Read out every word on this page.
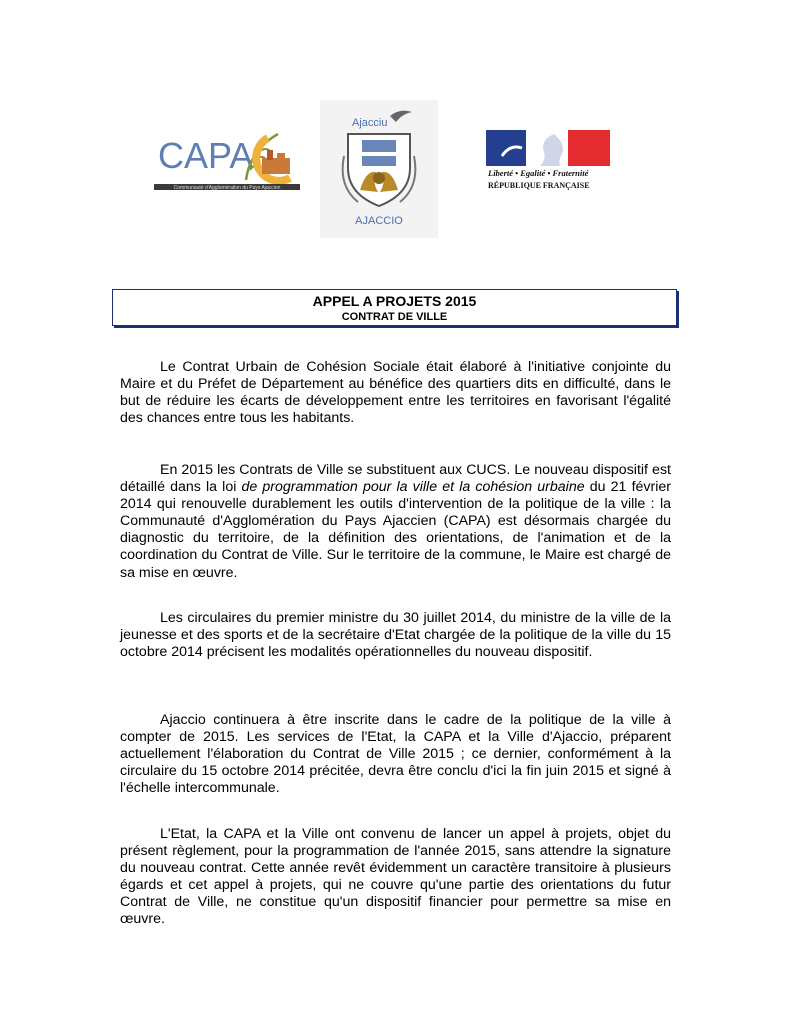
CAPA
Communauté d'Agglomération du Pays Ajaccien
Ajacciu
AJACCIO
Liberté • Egalité • Fraternité
RÉPUBLIQUE FRANÇAISE
APPEL A PROJETS 2015
CONTRAT DE VILLE

Le Contrat Urbain de Cohésion Sociale était élaboré à l'initiative conjointe du Maire et du Préfet de Département au bénéfice des quartiers dits en difficulté, dans le but de réduire les écarts de développement entre les territoires en favorisant l'égalité des chances entre tous les habitants.

En 2015 les Contrats de Ville se substituent aux CUCS. Le nouveau dispositif est détaillé dans la loi de programmation pour la ville et la cohésion urbaine du 21 février 2014 qui renouvelle durablement les outils d'intervention de la politique de la ville : la Communauté d'Agglomération du Pays Ajaccien (CAPA) est désormais chargée du diagnostic du territoire, de la définition des orientations, de l'animation et de la coordination du Contrat de Ville. Sur le territoire de la commune, le Maire est chargé de sa mise en œuvre.

Les circulaires du premier ministre du 30 juillet 2014, du ministre de la ville de la jeunesse et des sports et de la secrétaire d'Etat chargée de la politique de la ville du 15 octobre 2014 précisent les modalités opérationnelles du nouveau dispositif.

Ajaccio continuera à être inscrite dans le cadre de la politique de la ville à compter de 2015. Les services de l'Etat, la CAPA et la Ville d'Ajaccio, préparent actuellement l'élaboration du Contrat de Ville 2015 ; ce dernier, conformément à la circulaire du 15 octobre 2014 précitée, devra être conclu d'ici la fin juin 2015 et signé à l'échelle intercommunale.

L'Etat, la CAPA et la Ville ont convenu de lancer un appel à projets, objet du présent règlement, pour la programmation de l'année 2015, sans attendre la signature du nouveau contrat. Cette année revêt évidemment un caractère transitoire à plusieurs égards et cet appel à projets, qui ne couvre qu'une partie des orientations du futur Contrat de Ville, ne constitue qu'un dispositif financier pour permettre sa mise en œuvre.
